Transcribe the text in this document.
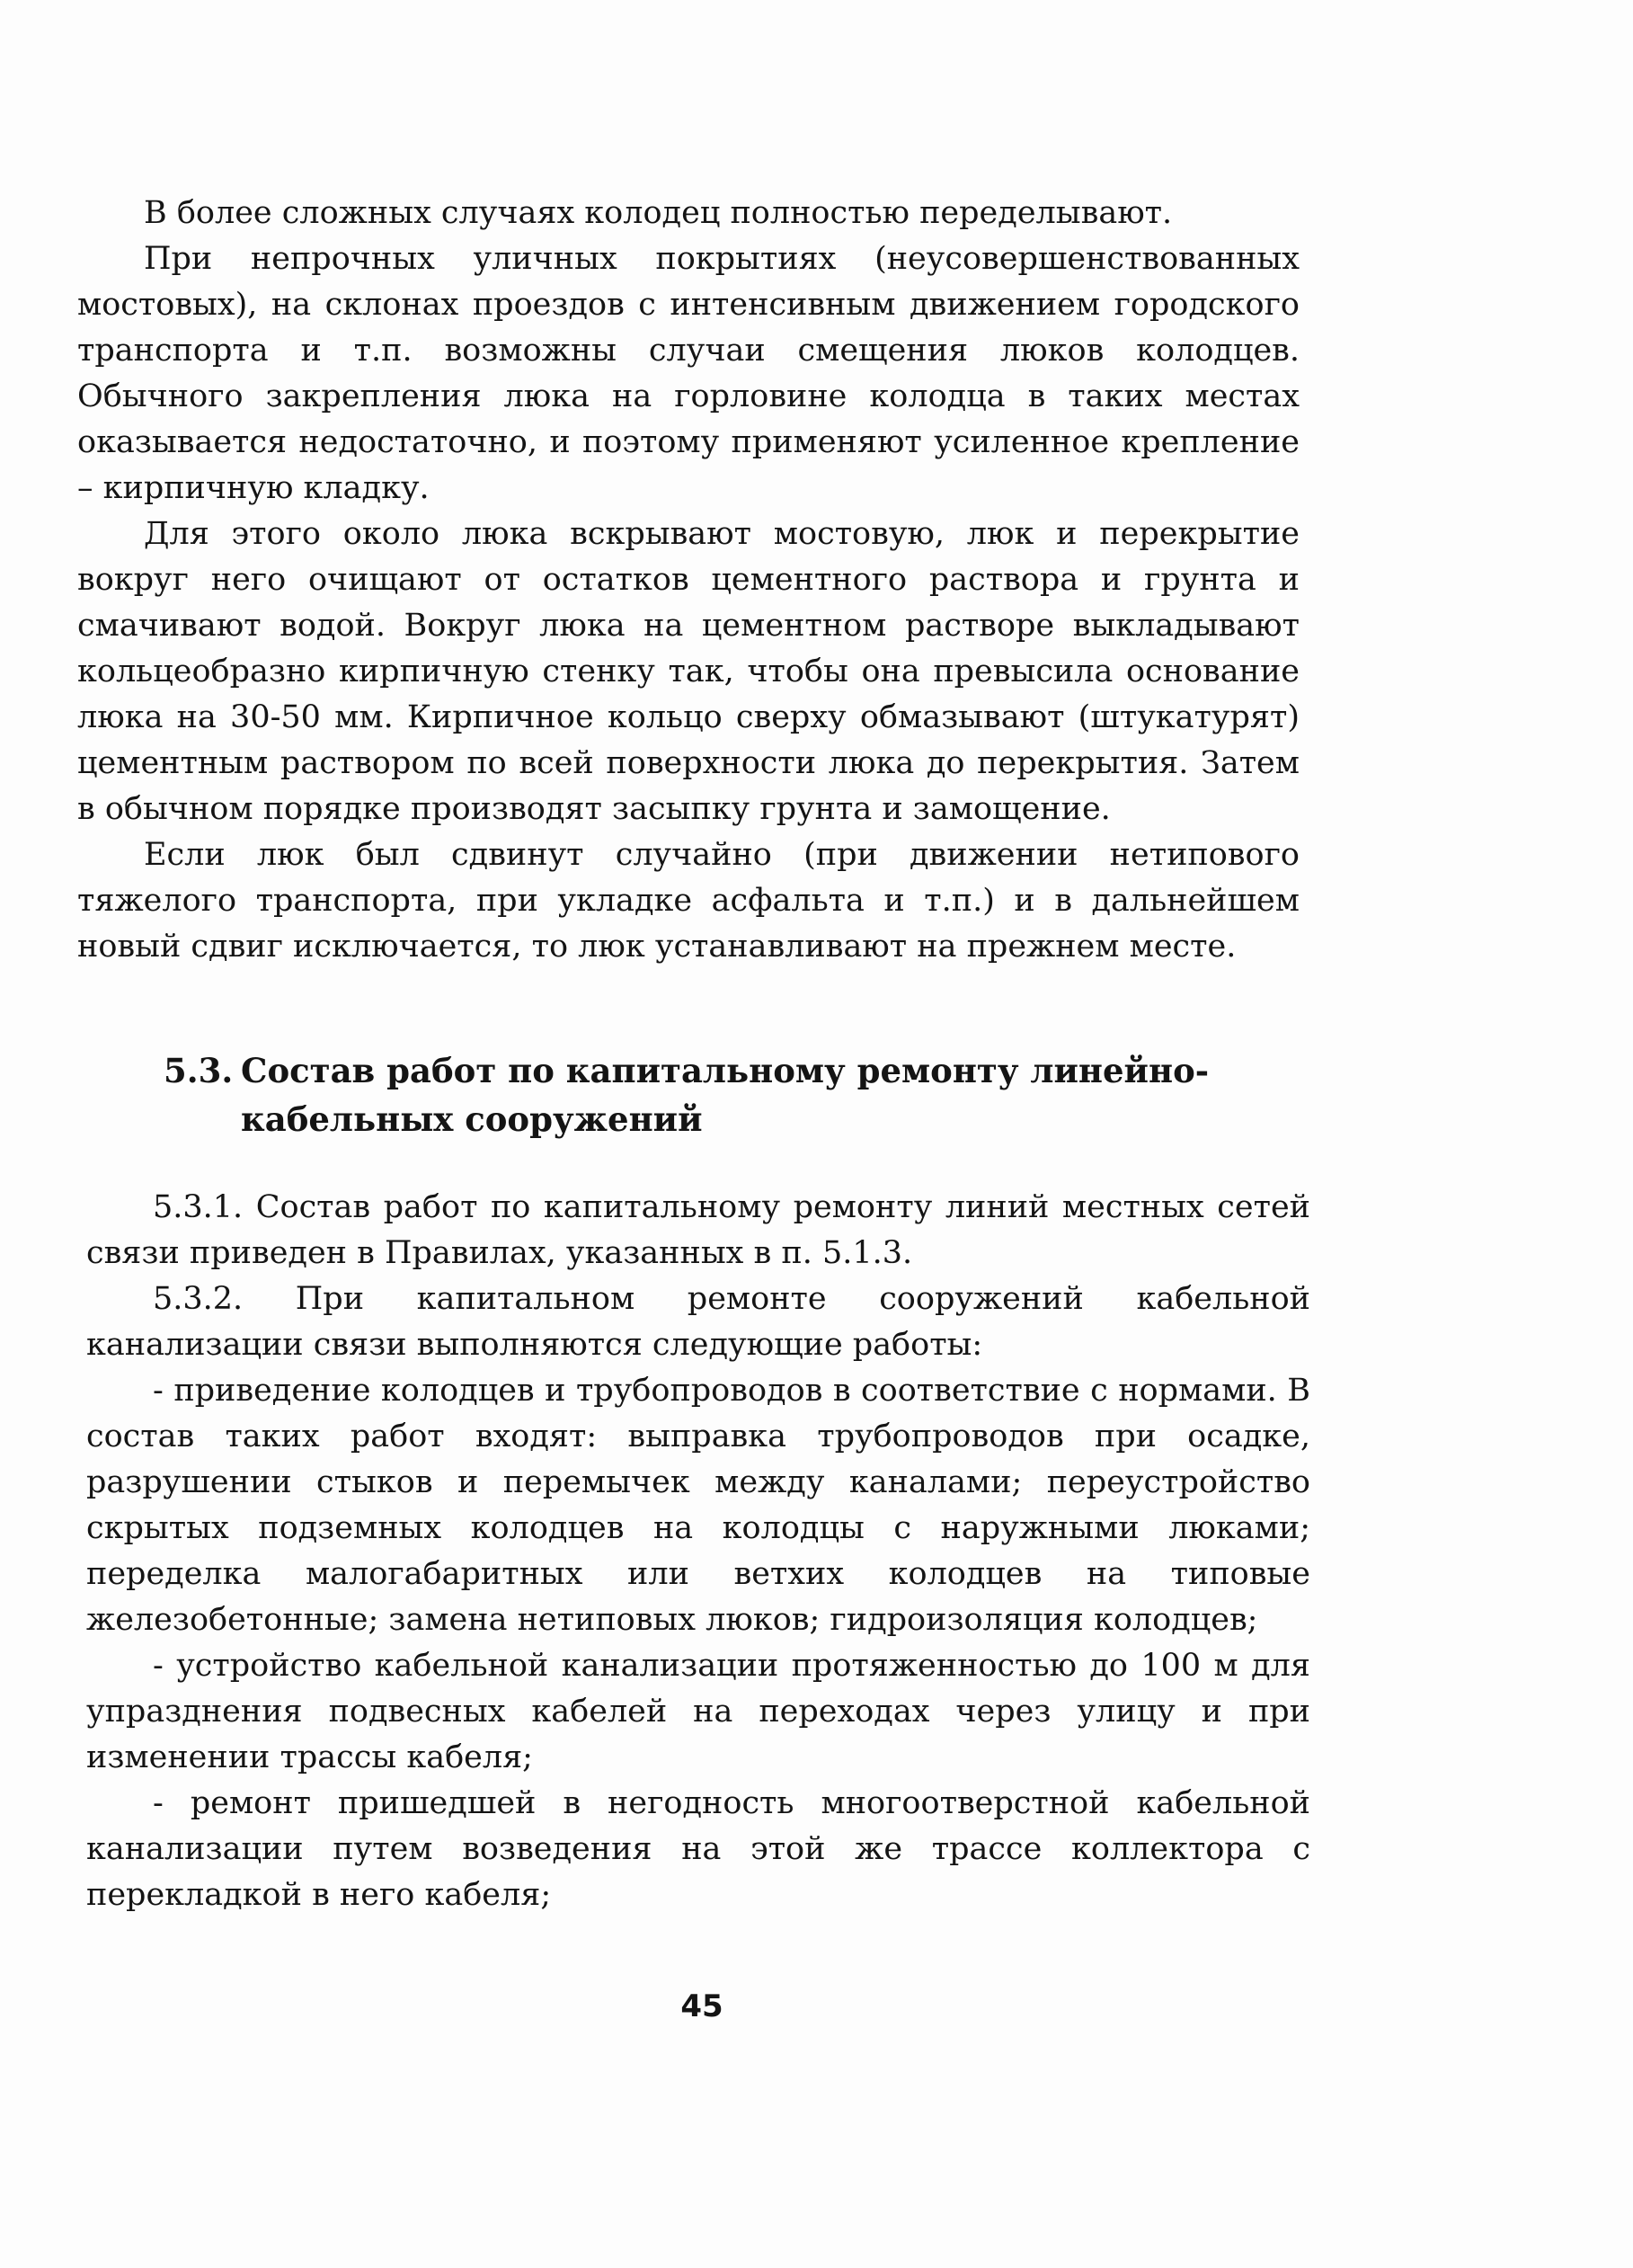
В более сложных случаях колодец полностью переделывают.

При непрочных уличных покрытиях (неусовершенствованных мостовых), на склонах проездов с интенсивным движением городского транспорта и т.п. возможны случаи смещения люков колодцев. Обычного закрепления люка на горловине колодца в таких местах оказывается недостаточно, и поэтому применяют усиленное крепление – кирпичную кладку.

Для этого около люка вскрывают мостовую, люк и перекрытие вокруг него очищают от остатков цементного раствора и грунта и смачивают водой. Вокруг люка на цементном растворе выкладывают кольцеобразно кирпичную стенку так, чтобы она превысила основание люка на 30-50 мм. Кирпичное кольцо сверху обмазывают (штукатурят) цементным раствором по всей поверхности люка до перекрытия. Затем в обычном порядке производят засыпку грунта и замощение.

Если люк был сдвинут случайно (при движении нетипового тяжелого транспорта, при укладке асфальта и т.п.) и в дальнейшем новый сдвиг исключается, то люк устанавливают на прежнем месте.

5.3. Состав работ по капитальному ремонту линейно-
кабельных сооружений

5.3.1. Состав работ по капитальному ремонту линий местных сетей связи приведен в Правилах, указанных в п. 5.1.3.

5.3.2. При капитальном ремонте сооружений кабельной канализации связи выполняются следующие работы:

- приведение колодцев и трубопроводов в соответствие с нормами. В состав таких работ входят: выправка трубопроводов при осадке, разрушении стыков и перемычек между каналами; переустройство скрытых подземных колодцев на колодцы с наружными люками; переделка малогабаритных или ветхих колодцев на типовые железобетонные; замена нетиповых люков; гидроизоляция колодцев;

- устройство кабельной канализации протяженностью до 100 м для упразднения подвесных кабелей на переходах через улицу и при изменении трассы кабеля;

- ремонт пришедшей в негодность многоотверстной кабельной канализации путем возведения на этой же трассе коллектора с перекладкой в него кабеля;

45
